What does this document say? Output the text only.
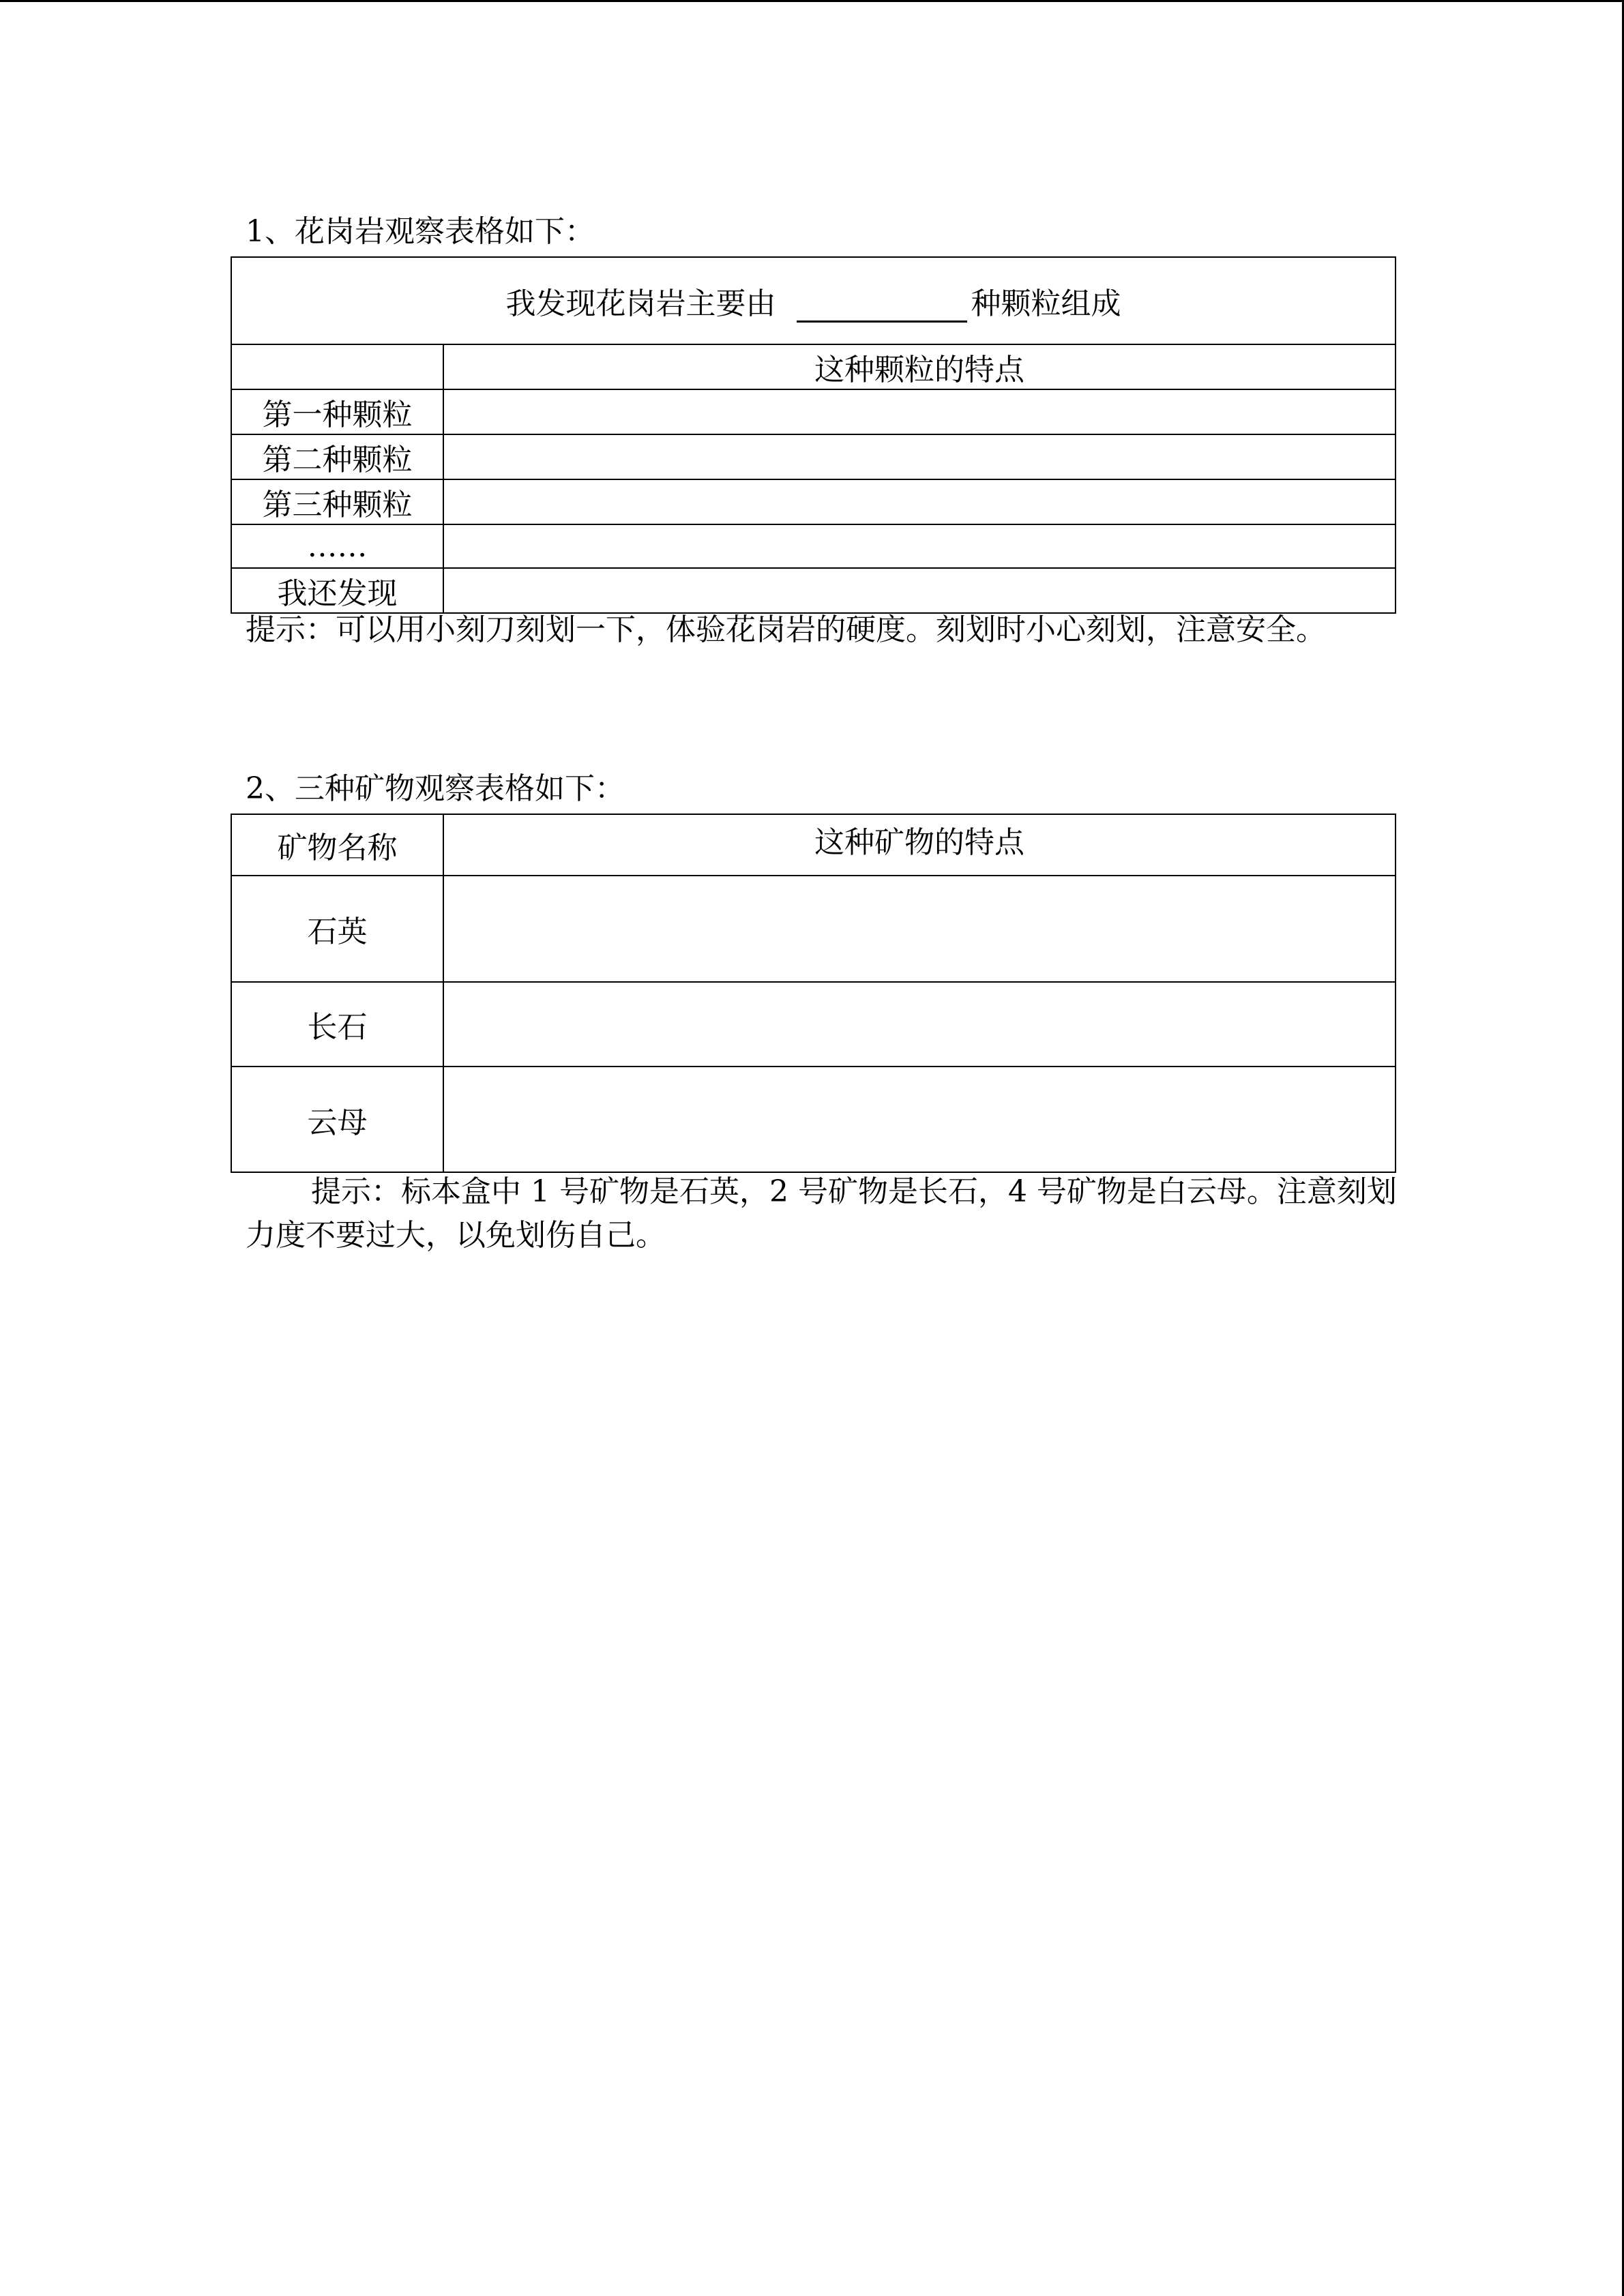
1、花岗岩观察表格如下：
我发现花岗岩主要由 种颗粒组成	
	这种颗粒的特点
第一种颗粒	
第二种颗粒	
第三种颗粒	
……	
我还发现	
提示：可以用小刻刀刻划一下，体验花岗岩的硬度。刻划时小心刻划，注意安全。
2、三种矿物观察表格如下：
矿物名称	这种矿物的特点
石英	
长石	
云母	
提示：标本盒中 1 号矿物是石英，2 号矿物是长石，4 号矿物是白云母。注意刻划力度不要过大，以免划伤自己。
